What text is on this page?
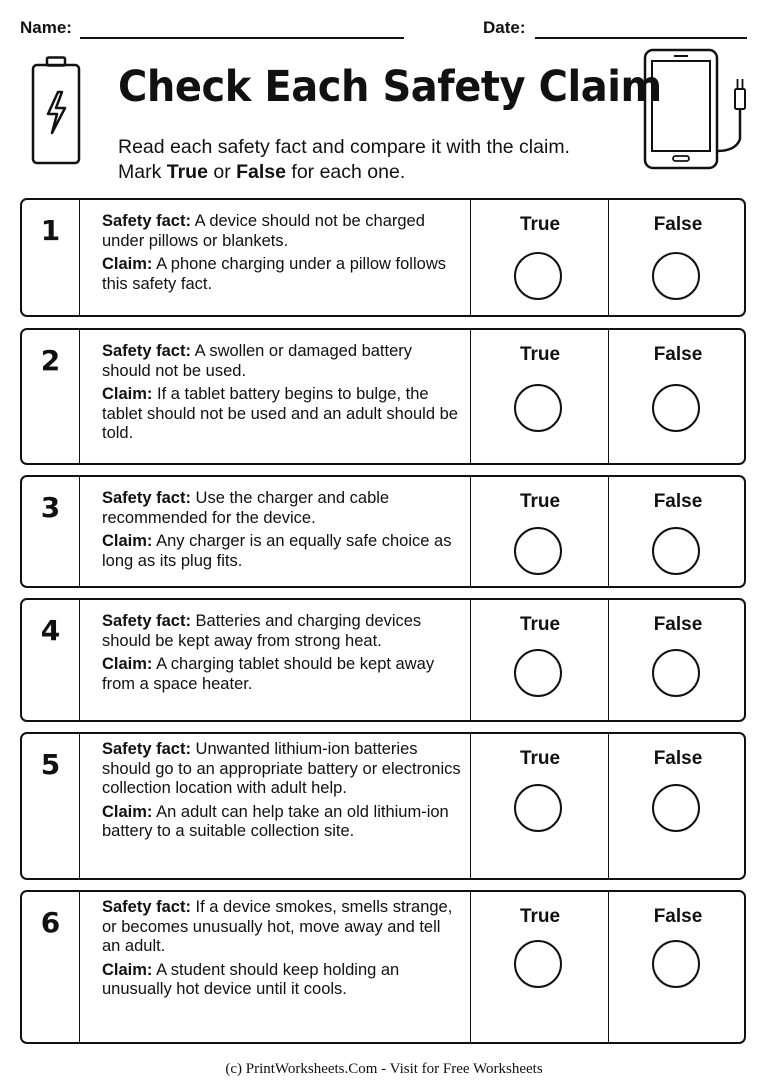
Name:	Date:
Check Each Safety Claim
Read each safety fact and compare it with the claim.
Mark True or False for each one.
1	Safety fact: A device should not be charged under pillows or blankets.

Claim: A phone charging under a pillow follows this safety fact.

True	False
2	Safety fact: A swollen or damaged battery should not be used.

Claim: If a tablet battery begins to bulge, the tablet should not be used and an adult should be told.

True	False
3	Safety fact: Use the charger and cable recommended for the device.

Claim: Any charger is an equally safe choice as long as its plug fits.

True	False
4	Safety fact: Batteries and charging devices should be kept away from strong heat.

Claim: A charging tablet should be kept away from a space heater.

True	False
5	Safety fact: Unwanted lithium-ion batteries should go to an appropriate battery or electronics collection location with adult help.

Claim: An adult can help take an old lithium-ion battery to a suitable collection site.

True	False
6	Safety fact: If a device smokes, smells strange, or becomes unusually hot, move away and tell an adult.

Claim: A student should keep holding an unusually hot device until it cools.

True	False
(c) PrintWorksheets.Com - Visit for Free Worksheets
